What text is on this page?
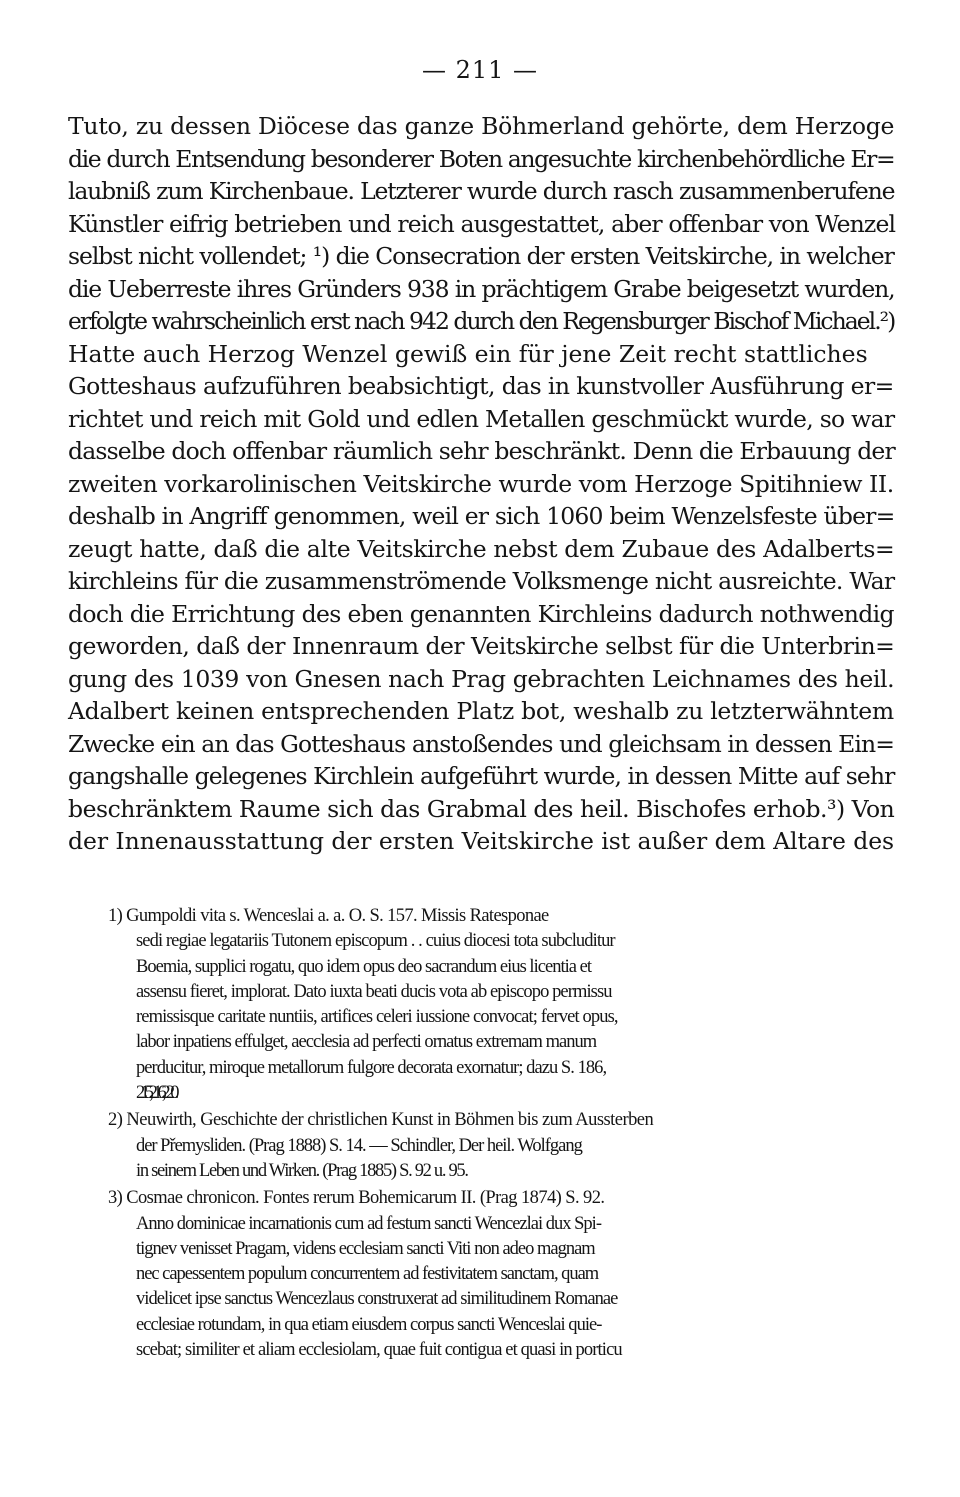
— 211 —
Tuto, zu dessen Diöcese das ganze Böhmerland gehörte, dem Herzoge
die durch Entsendung besonderer Boten angesuchte kirchenbehördliche Er=
laubniß zum Kirchenbaue. Letzterer wurde durch rasch zusammenberufene
Künstler eifrig betrieben und reich ausgestattet, aber offenbar von Wenzel
selbst nicht vollendet; ¹) die Consecration der ersten Veitskirche, in welcher
die Ueberreste ihres Gründers 938 in prächtigem Grabe beigesetzt wurden,
erfolgte wahrscheinlich erst nach 942 durch den Regensburger Bischof Michael.²)
Hatte auch Herzog Wenzel gewiß ein für jene Zeit recht stattliches
Gotteshaus aufzuführen beabsichtigt, das in kunstvoller Ausführung er=
richtet und reich mit Gold und edlen Metallen geschmückt wurde, so war
dasselbe doch offenbar räumlich sehr beschränkt. Denn die Erbauung der
zweiten vorkarolinischen Veitskirche wurde vom Herzoge Spitihniew II.
deshalb in Angriff genommen, weil er sich 1060 beim Wenzelsfeste über=
zeugt hatte, daß die alte Veitskirche nebst dem Zubaue des Adalberts=
kirchleins für die zusammenströmende Volksmenge nicht ausreichte. War
doch die Errichtung des eben genannten Kirchleins dadurch nothwendig
geworden, daß der Innenraum der Veitskirche selbst für die Unterbrin=
gung des 1039 von Gnesen nach Prag gebrachten Leichnames des heil.
Adalbert keinen entsprechenden Platz bot, weshalb zu letzterwähntem
Zwecke ein an das Gotteshaus anstoßendes und gleichsam in dessen Ein=
gangshalle gelegenes Kirchlein aufgeführt wurde, in dessen Mitte auf sehr
beschränktem Raume sich das Grabmal des heil. Bischofes erhob.³) Von
der Innenausstattung der ersten Veitskirche ist außer dem Altare des
1) Gumpoldi vita s. Wenceslai a. a. O. S. 157. Missis Ratesponae
sedi regiae legatariis Tutonem episcopum . . cuius diocesi tota subcluditur
Boemia, supplici rogatu, quo idem opus deo sacrandum eius licentia et
assensu fieret, implorat. Dato iuxta beati ducis vota ab episcopo permissu
remissisque caritate nuntiis, artifices celeri iussione convocat; fervet opus,
labor inpatiens effulget, aecclesia ad perfecti ornatus extremam manum
perducitur, miroque metallorum fulgore decorata exornatur; dazu S. 186,
215, 216, 220.
2) Neuwirth, Geschichte der christlichen Kunst in Böhmen bis zum Aussterben
der Přemysliden. (Prag 1888) S. 14. — Schindler, Der heil. Wolfgang
in seinem Leben und Wirken. (Prag 1885) S. 92 u. 95.
3) Cosmae chronicon. Fontes rerum Bohemicarum II. (Prag 1874) S. 92.
Anno dominicae incarnationis cum ad festum sancti Wencezlai dux Spi-
tignev venisset Pragam, videns ecclesiam sancti Viti non adeo magnam
nec capessentem populum concurrentem ad festivitatem sanctam, quam
videlicet ipse sanctus Wencezlaus construxerat ad similitudinem Romanae
ecclesiae rotundam, in qua etiam eiusdem corpus sancti Wenceslai quie-
scebat; similiter et aliam ecclesiolam, quae fuit contigua et quasi in porticu
